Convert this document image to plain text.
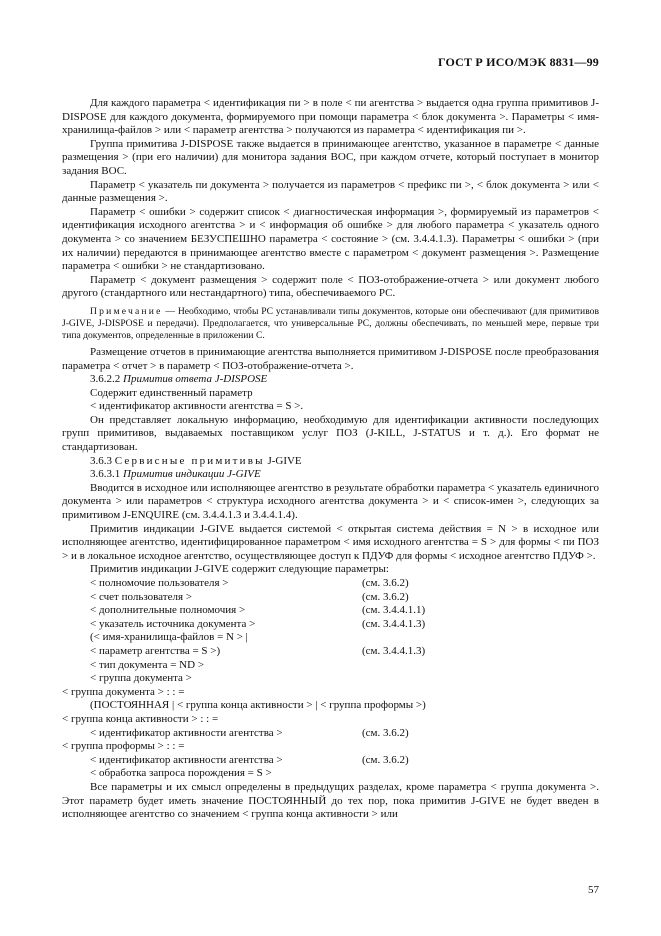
ГОСТ Р ИСО/МЭК 8831—99

Для каждого параметра < идентификация пи > в поле < пи агентства > выдается одна группа примитивов J-DISPOSE для каждого документа, формируемого при помощи параметра < блок документа >. Параметры < имя-хранилища-файлов > или < параметр агентства > получаются из параметра < идентификация пи >.

Группа примитива J-DISPOSE также выдается в принимающее агентство, указанное в параметре < данные размещения > (при его наличии) для монитора задания ВОС, при каждом отчете, который поступает в монитор задания ВОС.

Параметр < указатель пи документа > получается из параметров < префикс пи >, < блок документа > или < данные размещения >.

Параметр < ошибки > содержит список < диагностическая информация >, формируемый из параметров < идентификация исходного агентства > и < информация об ошибке > для любого параметра < указатель одного документа > со значением БЕЗУСПЕШНО параметра < состояние > (см. 3.4.4.1.3). Параметры < ошибки > (при их наличии) передаются в принимающее агентство вместе с параметром < документ размещения >. Размещение параметра < ошибки > не стандартизовано.

Параметр < документ размещения > содержит поле < ПОЗ-отображение-отчета > или документ любого другого (стандартного или нестандартного) типа, обеспечиваемого РС.

Примечание — Необходимо, чтобы РС устанавливали типы документов, которые они обеспечивают (для примитивов J-GIVE, J-DISPOSE и передачи). Предполагается, что универсальные РС, должны обеспечивать, по меньшей мере, первые три типа документов, определенные в приложении С.

Размещение отчетов в принимающие агентства выполняется примитивом J-DISPOSE после преобразования параметра < отчет > в параметр < ПОЗ-отображение-отчета >.

3.6.2.2 Примитив ответа J-DISPOSE

Содержит единственный параметр

< идентификатор активности агентства = S >.

Он представляет локальную информацию, необходимую для идентификации активности последующих групп примитивов, выдаваемых поставщиком услуг ПОЗ (J-KILL, J-STATUS и т. д.). Его формат не стандартизован.

3.6.3 Сервисные примитивы J-GIVE

3.6.3.1 Примитив индикации J-GIVE

Вводится в исходное или исполняющее агентство в результате обработки параметра < указатель единичного документа > или параметров < структура исходного агентства документа > и < список-имен >, следующих за примитивом J-ENQUIRE (см. 3.4.4.1.3 и 3.4.4.1.4).

Примитив индикации J-GIVE выдается системой < открытая система действия = N > в исходное или исполняющее агентство, идентифицированное параметром < имя исходного агентства = S > для формы < пи ПОЗ > и в локальное исходное агентство, осуществляющее доступ к ПДУФ для формы < исходное агентство ПДУФ >.

Примитив индикации J-GIVE содержит следующие параметры:

< полномочие пользователя >	(см. 3.6.2)
< счет пользователя >	(см. 3.6.2)
< дополнительные полномочия >	(см. 3.4.4.1.1)
< указатель источника документа >	(см. 3.4.4.1.3)
(< имя-хранилища-файлов = N > |
< параметр агентства = S >)	(см. 3.4.4.1.3)
< тип документа = ND >
< группа документа >

< группа документа > : : =

(ПОСТОЯННАЯ | < группа конца активности > | < группа проформы >)

< группа конца активности > : : =

< идентификатор активности агентства >	(см. 3.6.2)

< группа проформы > : : =

< идентификатор активности агентства >	(см. 3.6.2)

< обработка запроса порождения = S >

Все параметры и их смысл определены в предыдущих разделах, кроме параметра < группа документа >. Этот параметр будет иметь значение ПОСТОЯННЫЙ до тех пор, пока примитив J-GIVE не будет введен в исполняющее агентство со значением < группа конца активности > или

57
